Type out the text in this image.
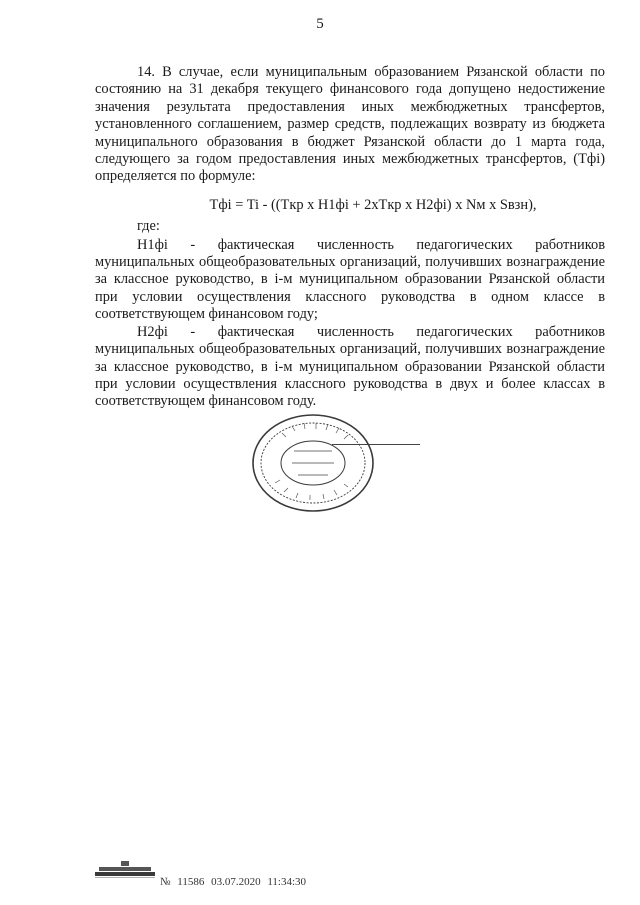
5

14. В случае, если муниципальным образованием Рязанской области по состоянию на 31 декабря текущего финансового года допущено недостижение значения результата предоставления иных межбюджетных трансфертов, установленного соглашением, размер средств, подлежащих возврату из бюджета муниципального образования в бюджет Рязанской области до 1 марта года, следующего за годом предоставления иных межбюджетных трансфертов, (Tфi) определяется по формуле:

Tфi = Ti - ((Tкр x H1фi + 2xTкр x H2фi) x Nм x Sвзн),

где:

H1фi - фактическая численность педагогических работников муниципальных общеобразовательных организаций, получивших вознаграждение за классное руководство, в i-м муниципальном образовании Рязанской области при условии осуществления классного руководства в одном классе в соответствующем финансовом году;

H2фi - фактическая численность педагогических работников муниципальных общеобразовательных организаций, получивших вознаграждение за классное руководство, в i-м муниципальном образовании Рязанской области при условии осуществления классного руководства в двух и более классах в соответствующем финансовом году.

№ 11586 03.07.2020 11:34:30
